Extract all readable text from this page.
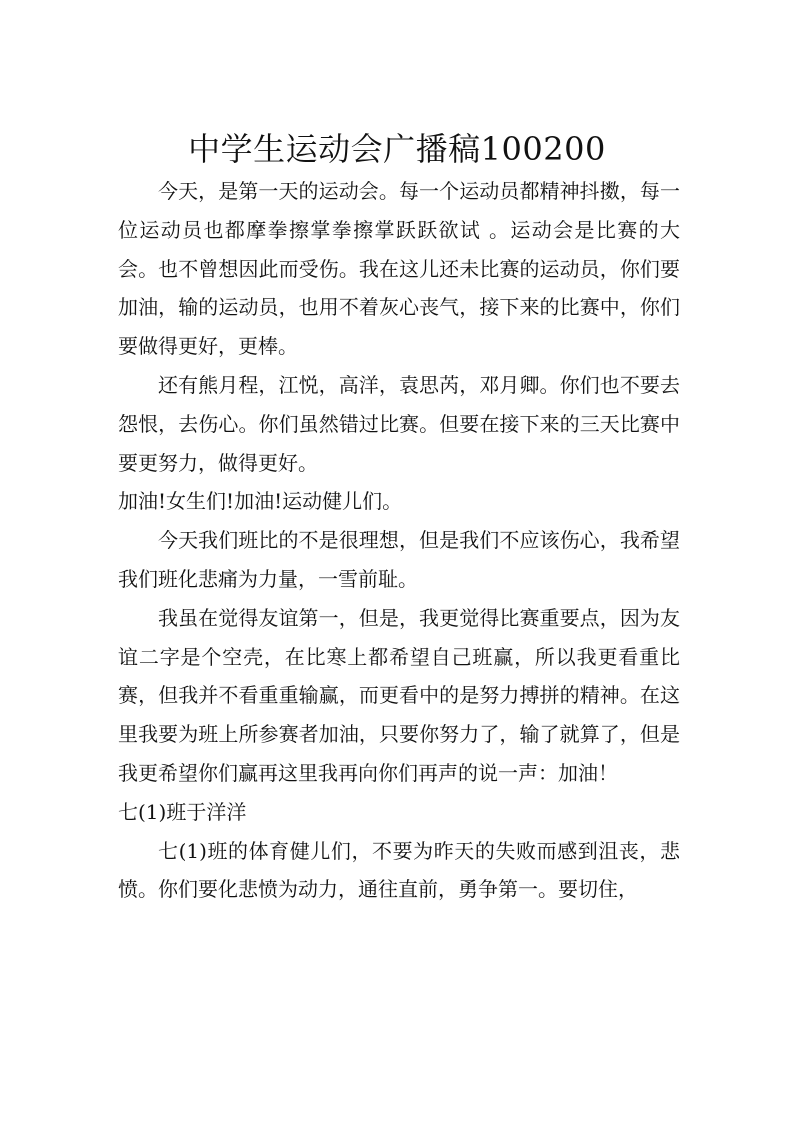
中学生运动会广播稿100200

今天，是第一天的运动会。每一个运动员都精神抖擞，每一位运动员也都摩拳擦掌拳擦掌跃跃欲试 。运动会是比赛的大会。也不曾想因此而受伤。我在这儿还未比赛的运动员，你们要加油，输的运动员，也用不着灰心丧气，接下来的比赛中，你们要做得更好，更棒。

还有熊月程，江悦，高洋，袁思芮，邓月卿。你们也不要去怨恨，去伤心。你们虽然错过比赛。但要在接下来的三天比赛中要更努力，做得更好。

加油!女生们!加油!运动健儿们。

今天我们班比的不是很理想，但是我们不应该伤心，我希望我们班化悲痛为力量，一雪前耻。

我虽在觉得友谊第一，但是，我更觉得比赛重要点，因为友谊二字是个空壳，在比寒上都希望自己班赢，所以我更看重比赛，但我并不看重重输赢，而更看中的是努力搏拼的精神。在这里我要为班上所参赛者加油，只要你努力了，输了就算了，但是我更希望你们赢再这里我再向你们再声的说一声：加油！

七(1)班于洋洋

七(1)班的体育健儿们，不要为昨天的失败而感到沮丧，悲愤。你们要化悲愤为动力，通往直前，勇争第一。要切住，
